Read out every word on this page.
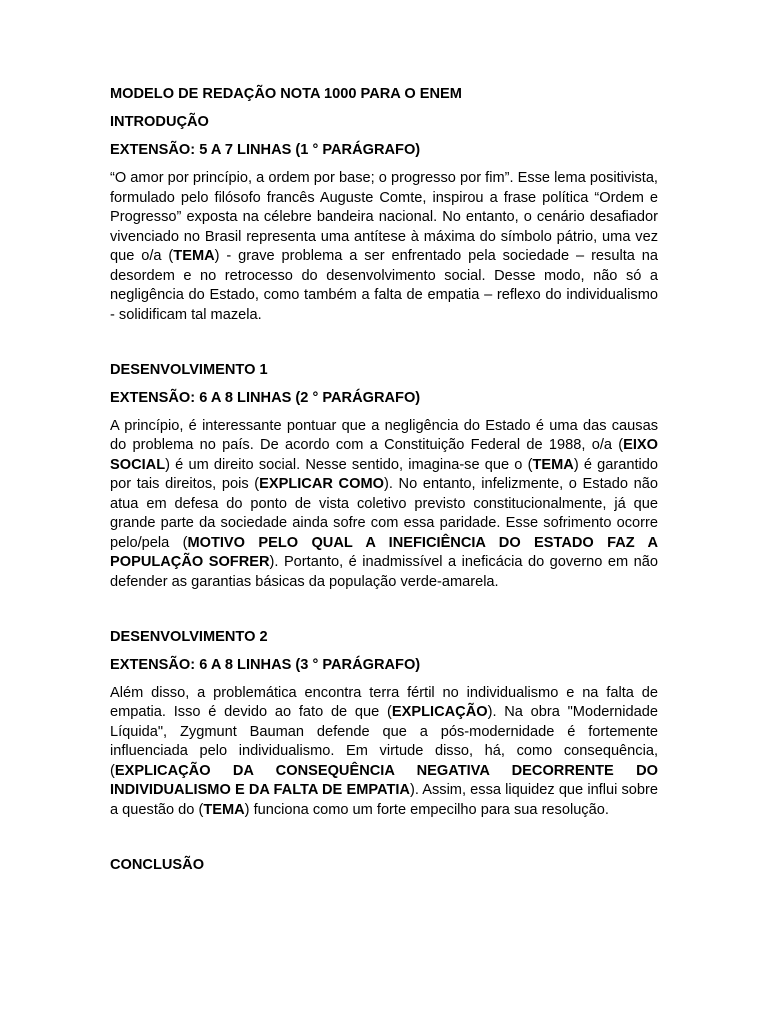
MODELO DE REDAÇÃO NOTA 1000 PARA O ENEM
INTRODUÇÃO
EXTENSÃO: 5 A 7 LINHAS (1 ° PARÁGRAFO)

“O amor por princípio, a ordem por base; o progresso por fim”. Esse lema positivista, formulado pelo filósofo francês Auguste Comte, inspirou a frase política “Ordem e Progresso” exposta na célebre bandeira nacional. No entanto, o cenário desafiador vivenciado no Brasil representa uma antítese à máxima do símbolo pátrio, uma vez que o/a (TEMA) - grave problema a ser enfrentado pela sociedade – resulta na desordem e no retrocesso do desenvolvimento social. Desse modo, não só a negligência do Estado, como também a falta de empatia – reflexo do individualismo - solidificam tal mazela.

DESENVOLVIMENTO 1
EXTENSÃO: 6 A 8 LINHAS (2 ° PARÁGRAFO)

A princípio, é interessante pontuar que a negligência do Estado é uma das causas do problema no país. De acordo com a Constituição Federal de 1988, o/a (EIXO SOCIAL) é um direito social. Nesse sentido, imagina-se que o (TEMA) é garantido por tais direitos, pois (EXPLICAR COMO). No entanto, infelizmente, o Estado não atua em defesa do ponto de vista coletivo previsto constitucionalmente, já que grande parte da sociedade ainda sofre com essa paridade. Esse sofrimento ocorre pelo/pela (MOTIVO PELO QUAL A INEFICIÊNCIA DO ESTADO FAZ A POPULAÇÃO SOFRER). Portanto, é inadmissível a ineficácia do governo em não defender as garantias básicas da população verde-amarela.

DESENVOLVIMENTO 2
EXTENSÃO: 6 A 8 LINHAS (3 ° PARÁGRAFO)

Além disso, a problemática encontra terra fértil no individualismo e na falta de empatia. Isso é devido ao fato de que (EXPLICAÇÃO). Na obra "Modernidade Líquida", Zygmunt Bauman defende que a pós-modernidade é fortemente influenciada pelo individualismo. Em virtude disso, há, como consequência, (EXPLICAÇÃO DA CONSEQUÊNCIA NEGATIVA DECORRENTE DO INDIVIDUALISMO E DA FALTA DE EMPATIA). Assim, essa liquidez que influi sobre a questão do (TEMA) funciona como um forte empecilho para sua resolução.

CONCLUSÃO
